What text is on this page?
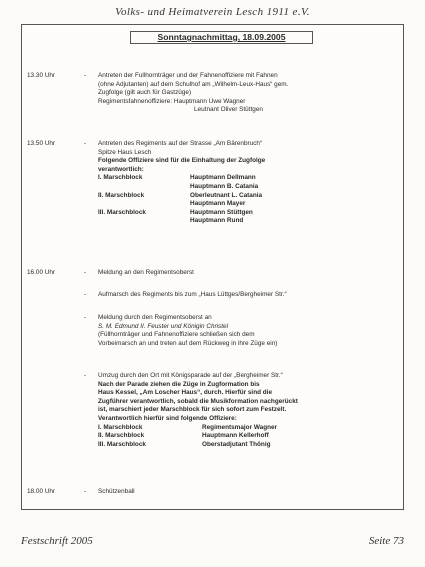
Volks- und Heimatverein Lesch 1911 e.V.
Sonntagnachmittag, 18.09.2005
13.30 Uhr	-	Antreten der Fullhornträger und der Fahnenoffiziere mit Fahnen
(ohne Adjutanten) auf dem Schulhof am „Wilhelm-Leux-Haus“ gem.
Zugfolge (gilt auch für Gastzüge)
Regimentsfahnenoffiziere: Hauptmann Uwe Wagner
Leutnant Oliver Stüttgen
13.50 Uhr	-	Antreten des Regiments auf der Strasse „Am Bärenbruch“
Spitze Haus Lesch
Folgende Offiziere sind für die Einhaltung der Zugfolge
verantwortlich:
I. Marschblock	Hauptmann Dellmann
Hauptmann B. Catania
II. Marschblock	Oberleutnant L. Catania
Hauptmann Mayer
III. Marschblock	Hauptmann Stüttgen
Hauptmann Rund
16.00 Uhr	-	Meldung an den Regimentsoberst
-	Aufmarsch des Regiments bis zum „Haus Lüttges/Bergheimer Str.“
-	Meldung durch den Regimentsoberst an
S. M. Edmund II. Feuster und Königin Christel
(Füllhornträger und Fahnenoffiziere schließen sich dem
Vorbeimarsch an und treten auf dem Rückweg in ihre Züge ein)
-	Umzug durch den Ort mit Königsparade auf der „Bergheimer Str.“
Nach der Parade ziehen die Züge in Zugformation bis
Haus Kessel, „Am Loscher Haus“, durch. Hierfür sind die
Zugführer verantwortlich, sobald die Musikformation nachgerückt
ist, marschiert jeder Marschblock für sich sofort zum Festzelt.
Verantwortlich hierfür sind folgende Offiziere:
I. Marschblock	Regimentsmajor Wagner
II. Marschblock	Hauptmann Kellerhoff
III. Marschblock	Oberstadjutant Thönig
18.00 Uhr	-	Schützenball
Festschrift 2005	Seite 73
